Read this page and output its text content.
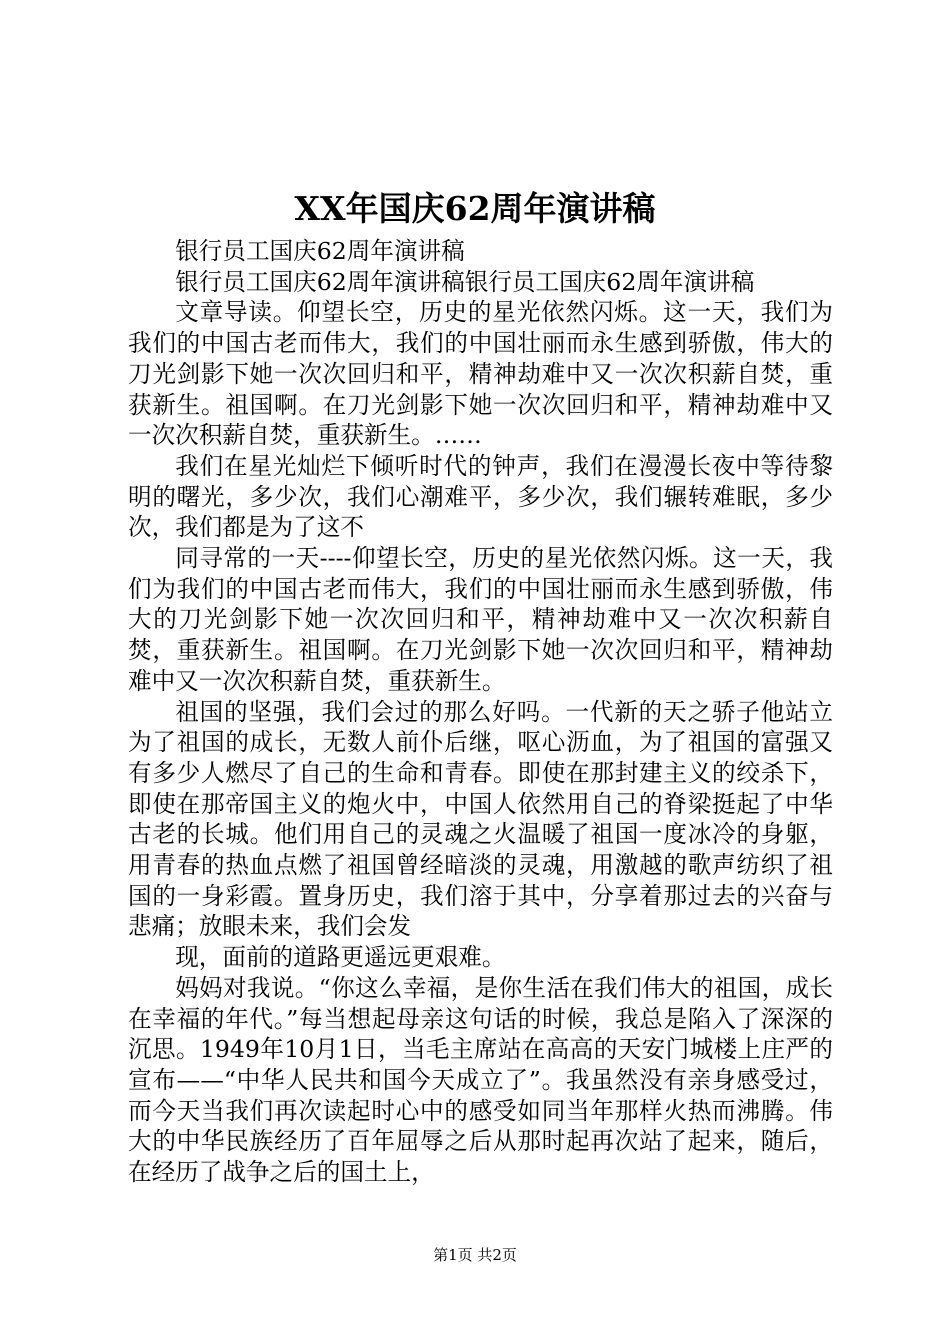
XX年国庆62周年演讲稿

银行员工国庆62周年演讲稿

银行员工国庆62周年演讲稿银行员工国庆62周年演讲稿

文章导读。仰望长空，历史的星光依然闪烁。这一天，我们为我们的中国古老而伟大，我们的中国壮丽而永生感到骄傲，伟大的刀光剑影下她一次次回归和平，精神劫难中又一次次积薪自焚，重获新生。祖国啊。在刀光剑影下她一次次回归和平，精神劫难中又一次次积薪自焚，重获新生。……

我们在星光灿烂下倾听时代的钟声，我们在漫漫长夜中等待黎明的曙光，多少次，我们心潮难平，多少次，我们辗转难眠，多少次，我们都是为了这不

同寻常的一天----仰望长空，历史的星光依然闪烁。这一天，我们为我们的中国古老而伟大，我们的中国壮丽而永生感到骄傲，伟大的刀光剑影下她一次次回归和平，精神劫难中又一次次积薪自焚，重获新生。祖国啊。在刀光剑影下她一次次回归和平，精神劫难中又一次次积薪自焚，重获新生。

祖国的坚强，我们会过的那么好吗。一代新的天之骄子他站立为了祖国的成长，无数人前仆后继，呕心沥血，为了祖国的富强又有多少人燃尽了自己的生命和青春。即使在那封建主义的绞杀下，即使在那帝国主义的炮火中，中国人依然用自己的脊梁挺起了中华古老的长城。他们用自己的灵魂之火温暖了祖国一度冰冷的身躯，用青春的热血点燃了祖国曾经暗淡的灵魂，用激越的歌声纺织了祖国的一身彩霞。置身历史，我们溶于其中，分享着那过去的兴奋与悲痛；放眼未来，我们会发

现，面前的道路更遥远更艰难。

妈妈对我说。“你这么幸福，是你生活在我们伟大的祖国，成长在幸福的年代。”每当想起母亲这句话的时候，我总是陷入了深深的沉思。1949年10月1日，当毛主席站在高高的天安门城楼上庄严的宣布——“中华人民共和国今天成立了”。我虽然没有亲身感受过，而今天当我们再次读起时心中的感受如同当年那样火热而沸腾。伟大的中华民族经历了百年屈辱之后从那时起再次站了起来，随后，在经历了战争之后的国土上，

第1页 共2页
